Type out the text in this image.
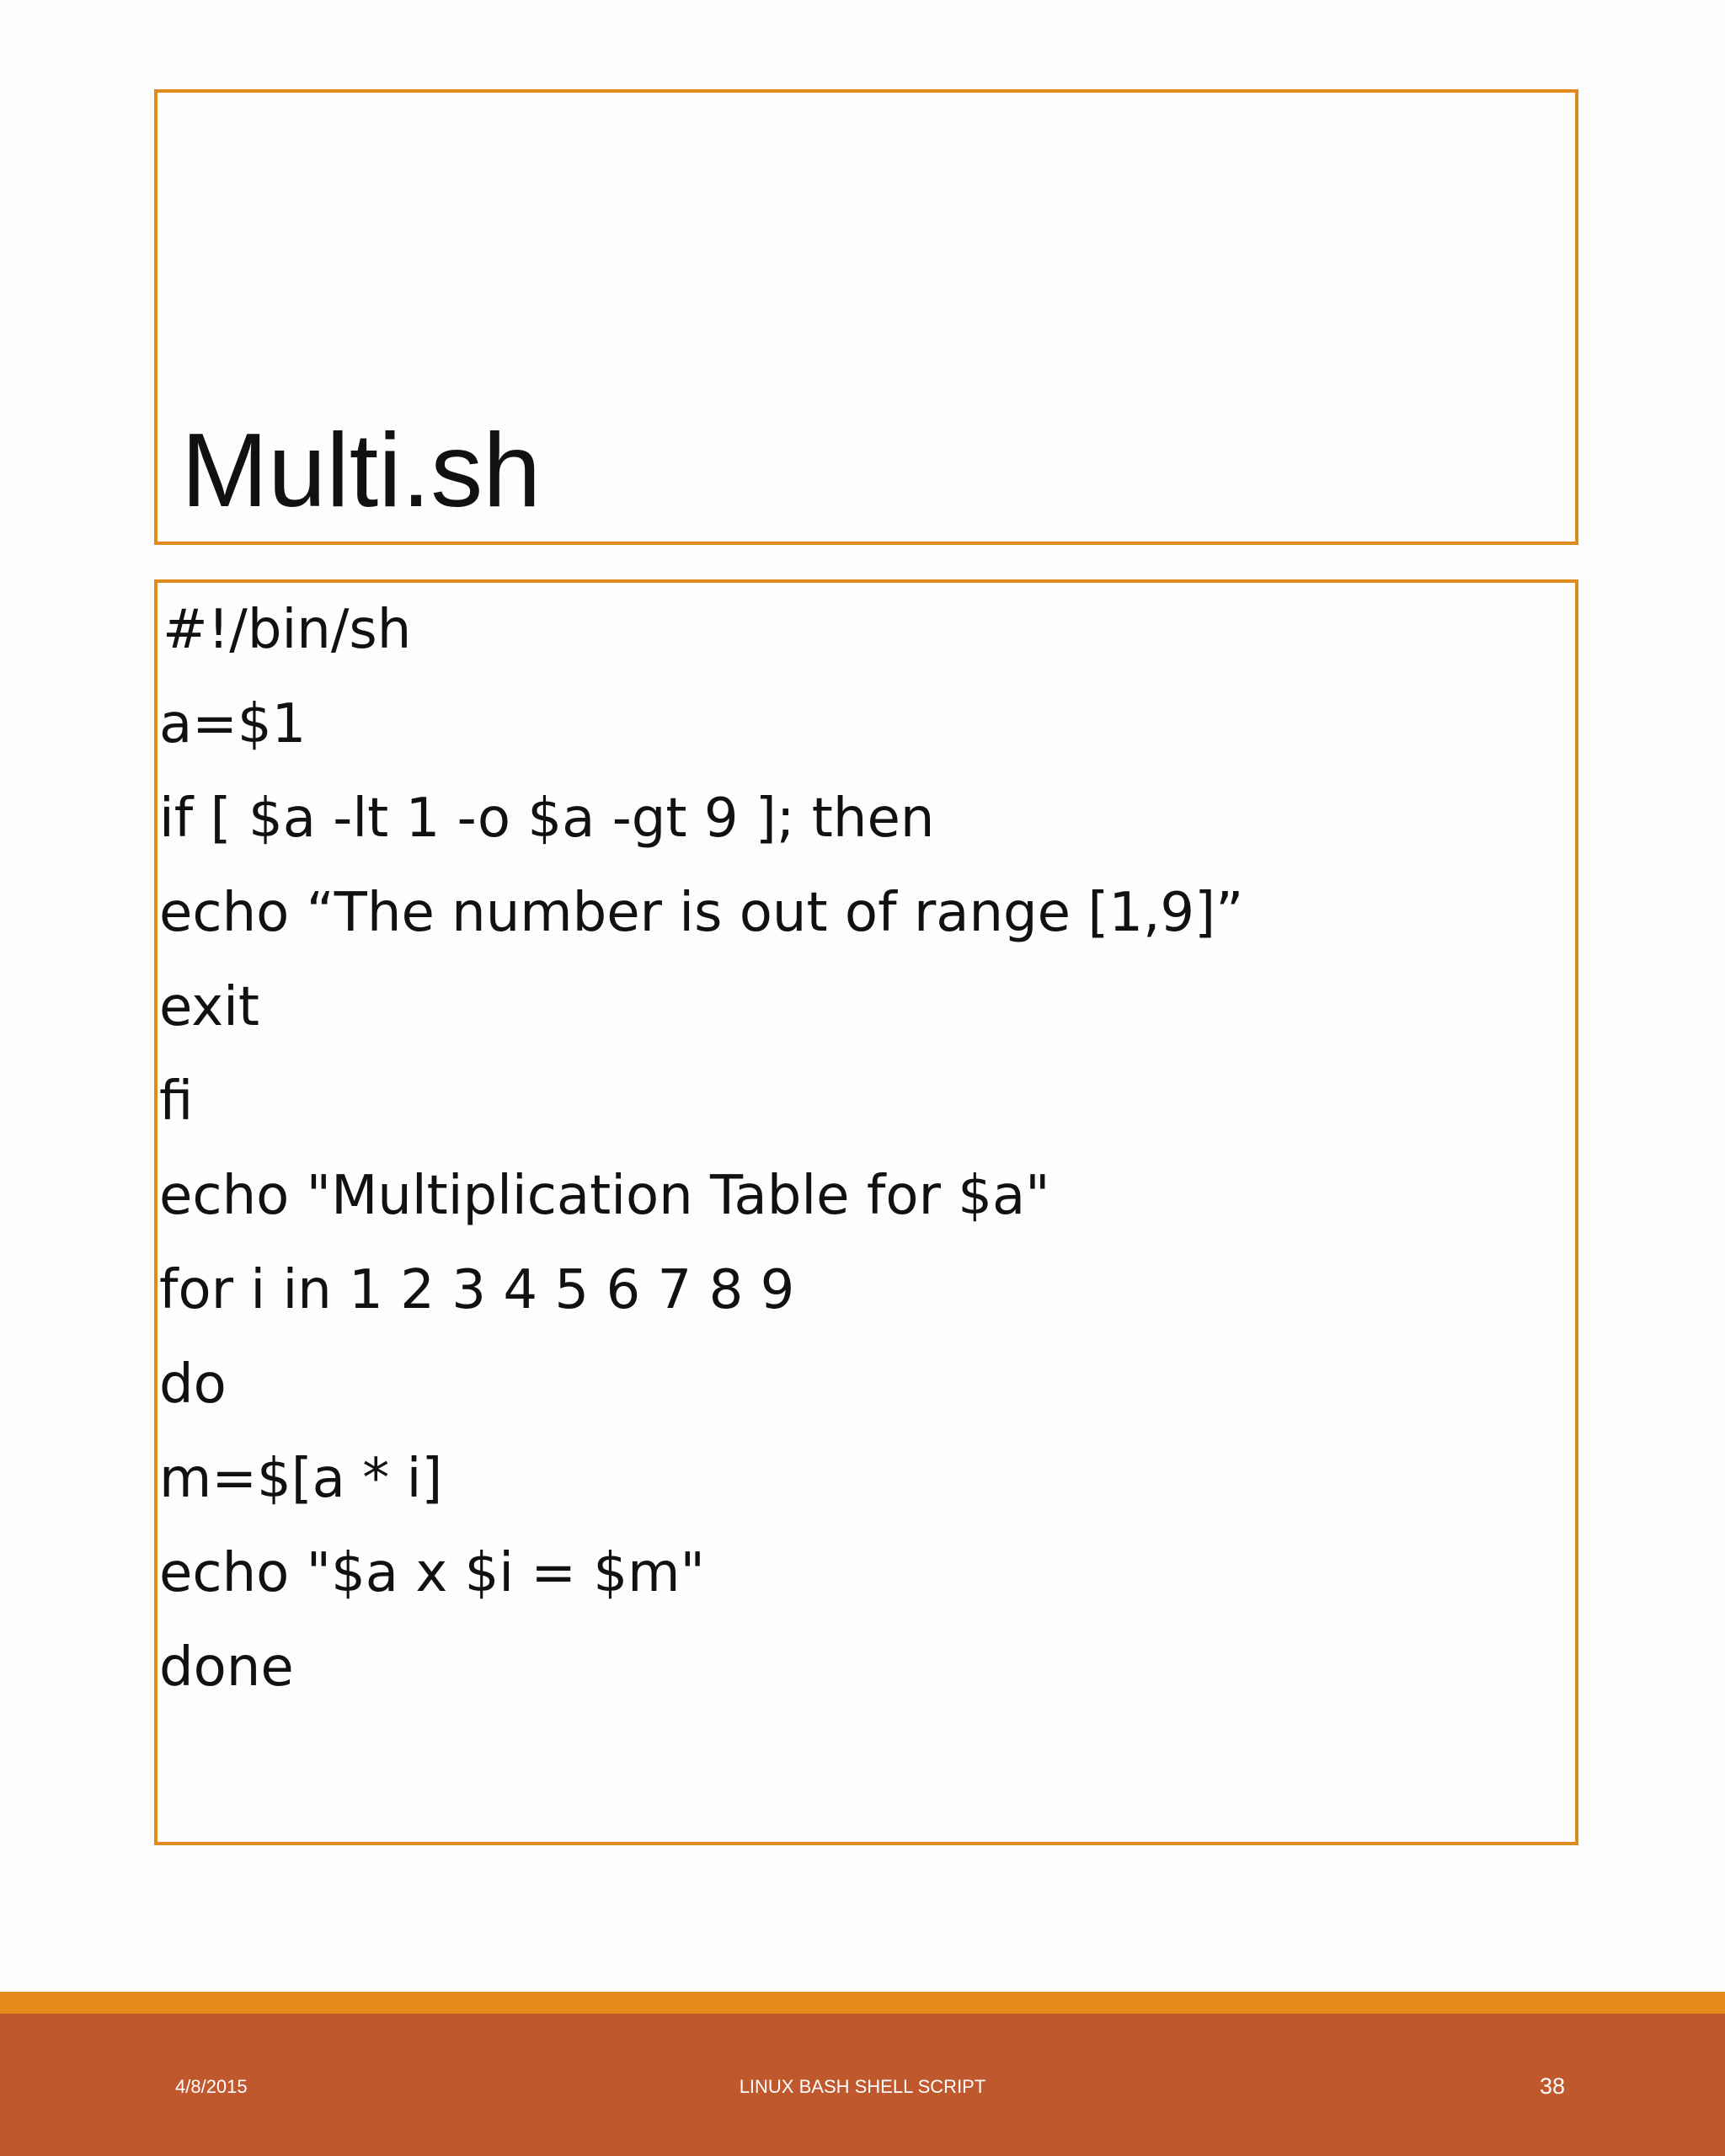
Multi.sh
#!/bin/sh
a=$1
if [ $a -lt 1 -o $a -gt 9 ]; then
echo “The number is out of range [1,9]”
exit
fi
echo "Multiplication Table for $a"
for i in 1 2 3 4 5 6 7 8 9
do
m=$[a * i]
echo "$a x $i = $m"
done
4/8/2015	LINUX BASH SHELL SCRIPT	38
